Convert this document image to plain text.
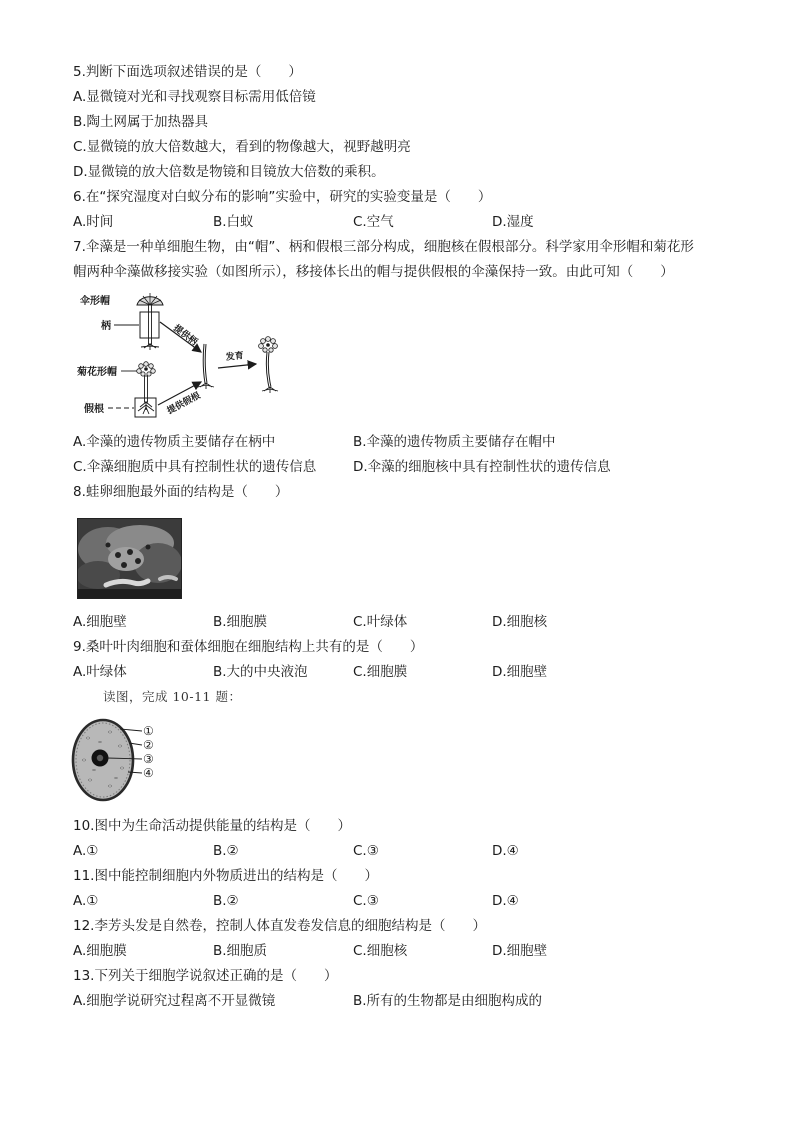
5.判断下面选项叙述错误的是（　　）
A.显微镜对光和寻找观察目标需用低倍镜
B.陶土网属于加热器具
C.显微镜的放大倍数越大，看到的物像越大，视野越明亮
D.显微镜的放大倍数是物镜和目镜放大倍数的乘积。
6.在“探究湿度对白蚁分布的影响”实验中，研究的实验变量是（　　）
A.时间	B.白蚁	C.空气	D.湿度
7.伞藻是一种单细胞生物，由“帽”、柄和假根三部分构成，细胞核在假根部分。科学家用伞形帽和菊花形
帽两种伞藻做移接实验（如图所示），移接体长出的帽与提供假根的伞藻保持一致。由此可知（　　）
伞形帽
柄	提供柄
菊花形帽
假根	提供假根
发育
A.伞藻的遗传物质主要储存在柄中	B.伞藻的遗传物质主要储存在帽中
C.伞藻细胞质中具有控制性状的遗传信息	D.伞藻的细胞核中具有控制性状的遗传信息
8.蛙卵细胞最外面的结构是（　　）
A.细胞壁	B.细胞膜	C.叶绿体	D.细胞核
9.桑叶叶肉细胞和蚕体细胞在细胞结构上共有的是（　　）
A.叶绿体	B.大的中央液泡	C.细胞膜	D.细胞壁
读图，完成 10-11 题：
①
②
③
④
10.图中为生命活动提供能量的结构是（　　）
A.①	B.②	C.③	D.④
11.图中能控制细胞内外物质进出的结构是（　　）
A.①	B.②	C.③	D.④
12.李芳头发是自然卷，控制人体直发卷发信息的细胞结构是（　　）
A.细胞膜	B.细胞质	C.细胞核	D.细胞壁
13.下列关于细胞学说叙述正确的是（　　）
A.细胞学说研究过程离不开显微镜	B.所有的生物都是由细胞构成的
